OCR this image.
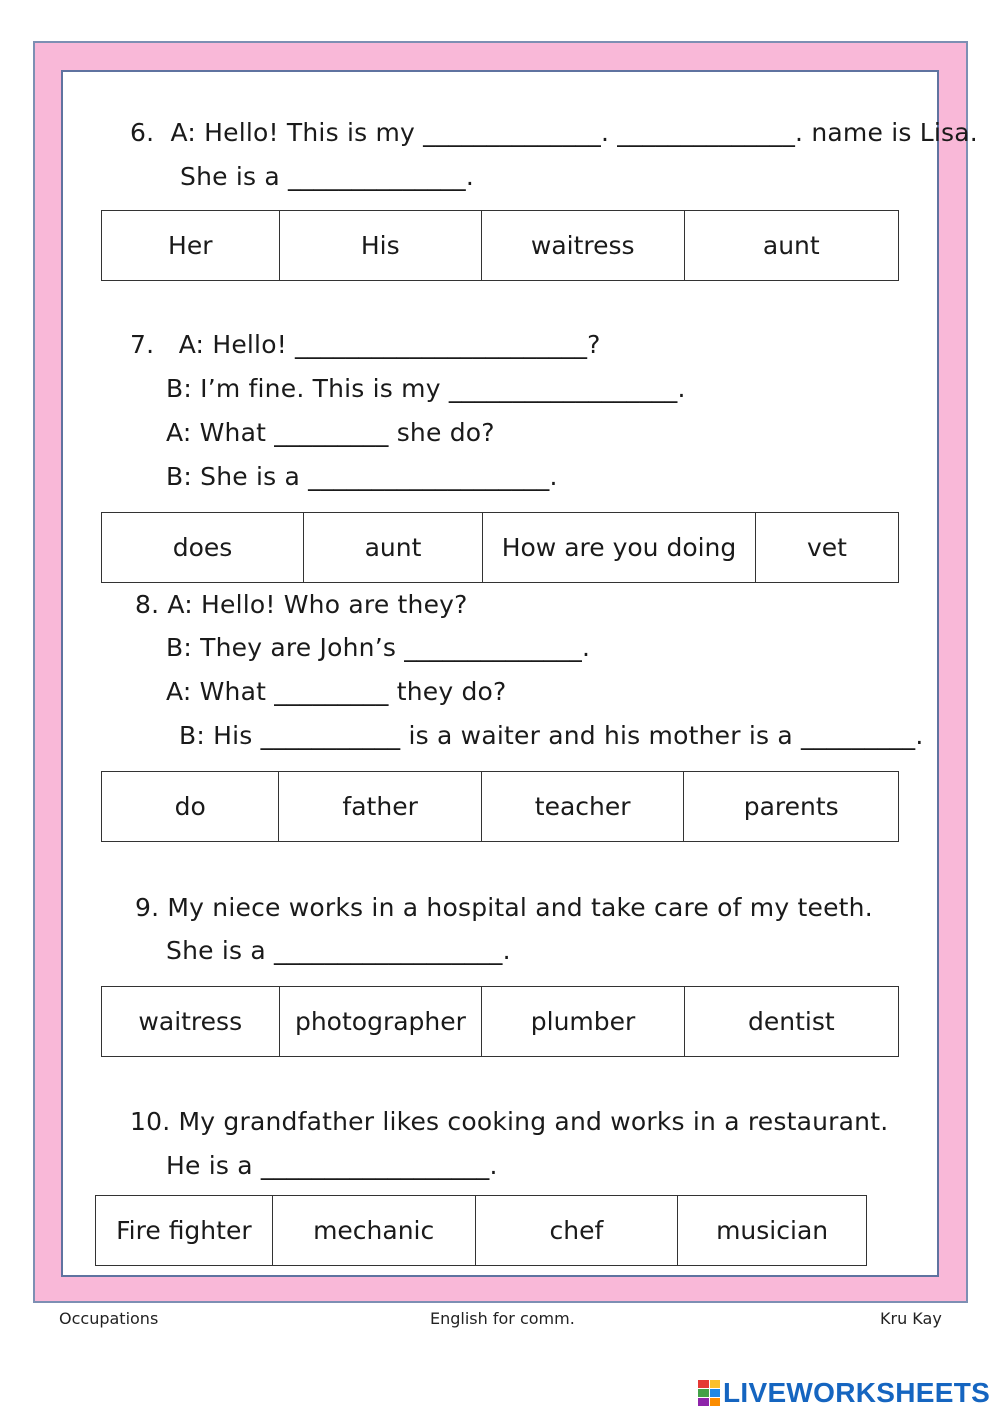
6.  A: Hello! This is my ______________. ______________. name is Lisa.
She is a ______________.
Her	His	waitress	aunt
7.   A: Hello! _______________________?
B: I’m fine. This is my __________________.
A: What _________ she do?
B: She is a ___________________.
does	aunt	How are you doing	vet
8. A: Hello! Who are they?
B: They are John’s ______________.
A: What _________ they do?
B: His ___________ is a waiter and his mother is a _________.
do	father	teacher	parents
9. My niece works in a hospital and take care of my teeth.
She is a __________________.
waitress	photographer	plumber	dentist
10. My grandfather likes cooking and works in a restaurant.
He is a __________________.
Fire fighter	mechanic	chef	musician
Occupations	English for comm.	Kru Kay
LIVEWORKSHEETS
